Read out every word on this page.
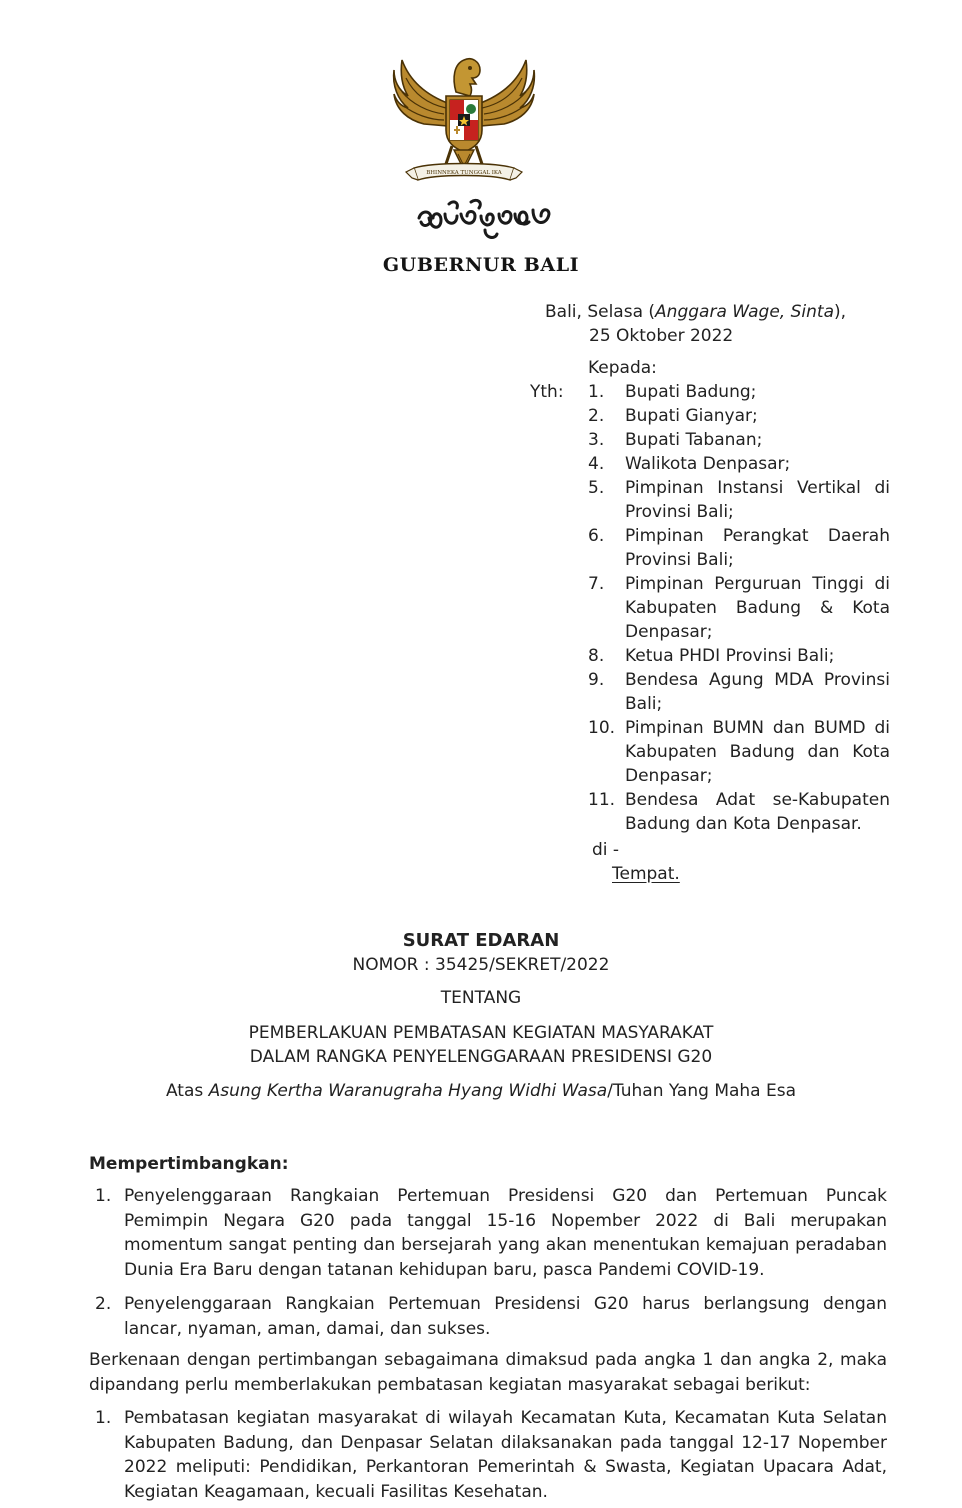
BHINNEKA TUNGGAL IKA
GUBERNUR BALI
Bali, Selasa (Anggara Wage, Sinta),
25 Oktober 2022
Kepada:
Yth: 1. Bupati Badung;
2. Bupati Gianyar;
3. Bupati Tabanan;
4. Walikota Denpasar;
5. Pimpinan Instansi Vertikal di Provinsi Bali;
6. Pimpinan Perangkat Daerah Provinsi Bali;
7. Pimpinan Perguruan Tinggi di Kabupaten Badung & Kota Denpasar;
8. Ketua PHDI Provinsi Bali;
9. Bendesa Agung MDA Provinsi Bali;
10. Pimpinan BUMN dan BUMD di Kabupaten Badung dan Kota Denpasar;
11. Bendesa Adat se-Kabupaten Badung dan Kota Denpasar.
di -
Tempat.
SURAT EDARAN
NOMOR : 35425/SEKRET/2022
TENTANG
PEMBERLAKUAN PEMBATASAN KEGIATAN MASYARAKAT
DALAM RANGKA PENYELENGGARAAN PRESIDENSI G20
Atas Asung Kertha Waranugraha Hyang Widhi Wasa/Tuhan Yang Maha Esa
Mempertimbangkan:
1. Penyelenggaraan Rangkaian Pertemuan Presidensi G20 dan Pertemuan Puncak Pemimpin Negara G20 pada tanggal 15-16 Nopember 2022 di Bali merupakan momentum sangat penting dan bersejarah yang akan menentukan kemajuan peradaban Dunia Era Baru dengan tatanan kehidupan baru, pasca Pandemi COVID-19.
2. Penyelenggaraan Rangkaian Pertemuan Presidensi G20 harus berlangsung dengan lancar, nyaman, aman, damai, dan sukses.
Berkenaan dengan pertimbangan sebagaimana dimaksud pada angka 1 dan angka 2, maka dipandang perlu memberlakukan pembatasan kegiatan masyarakat sebagai berikut:
1. Pembatasan kegiatan masyarakat di wilayah Kecamatan Kuta, Kecamatan Kuta Selatan Kabupaten Badung, dan Denpasar Selatan dilaksanakan pada tanggal 12-17 Nopember 2022 meliputi: Pendidikan, Perkantoran Pemerintah & Swasta, Kegiatan Upacara Adat, Kegiatan Keagamaan, kecuali Fasilitas Kesehatan.
